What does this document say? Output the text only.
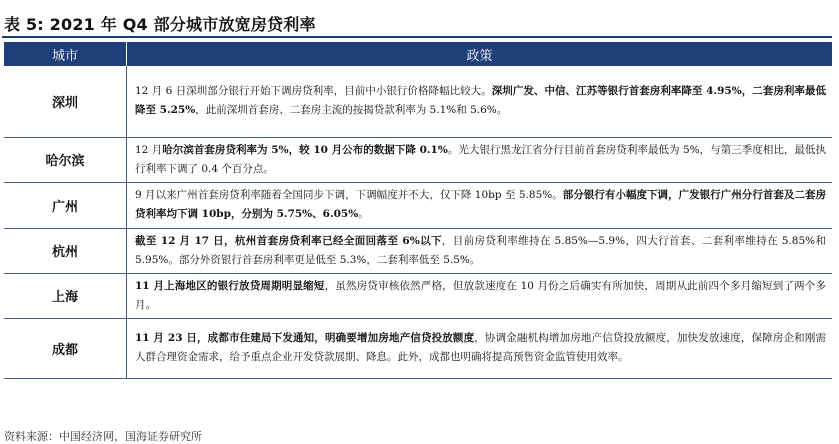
表 5: 2021 年 Q4 部分城市放宽房贷利率
城市	政策
深圳	12 月 6 日深圳部分银行开始下调房贷利率，目前中小银行价格降幅比较大。深圳广发、中信、江苏等银行首套房利率降至 4.95%，二套房利率最低降至 5.25%，此前深圳首套房、二套房主流的按揭贷款利率为 5.1%和 5.6%。
哈尔滨	12 月哈尔滨首套房贷利率为 5%，较 10 月公布的数据下降 0.1%。光大银行黑龙江省分行目前首套房贷利率最低为 5%，与第三季度相比，最低执行利率下调了 0.4 个百分点。
广州	9 月以来广州首套房贷利率随着全国同步下调，下调幅度并不大，仅下降 10bp 至 5.85%。部分银行有小幅度下调，广发银行广州分行首套及二套房贷利率均下调 10bp，分别为 5.75%、6.05%。
杭州	截至 12 月 17 日，杭州首套房贷利率已经全面回落至 6%以下，目前房贷利率维持在 5.85%—5.9%，四大行首套、二套利率维持在 5.85%和 5.95%。部分外资银行首套房利率更是低至 5.3%，二套利率低至 5.5%。
上海	11 月上海地区的银行放贷周期明显缩短，虽然房贷审核依然严格，但放款速度在 10 月份之后确实有所加快，周期从此前四个多月缩短到了两个多月。
成都	11 月 23 日，成都市住建局下发通知，明确要增加房地产信贷投放额度，协调金融机构增加房地产信贷投放额度，加快发放速度，保障房企和刚需人群合理资金需求，给予重点企业开发贷款展期、降息。此外，成都也明确将提高预售资金监管使用效率。
资料来源：中国经济网，国海证券研究所
